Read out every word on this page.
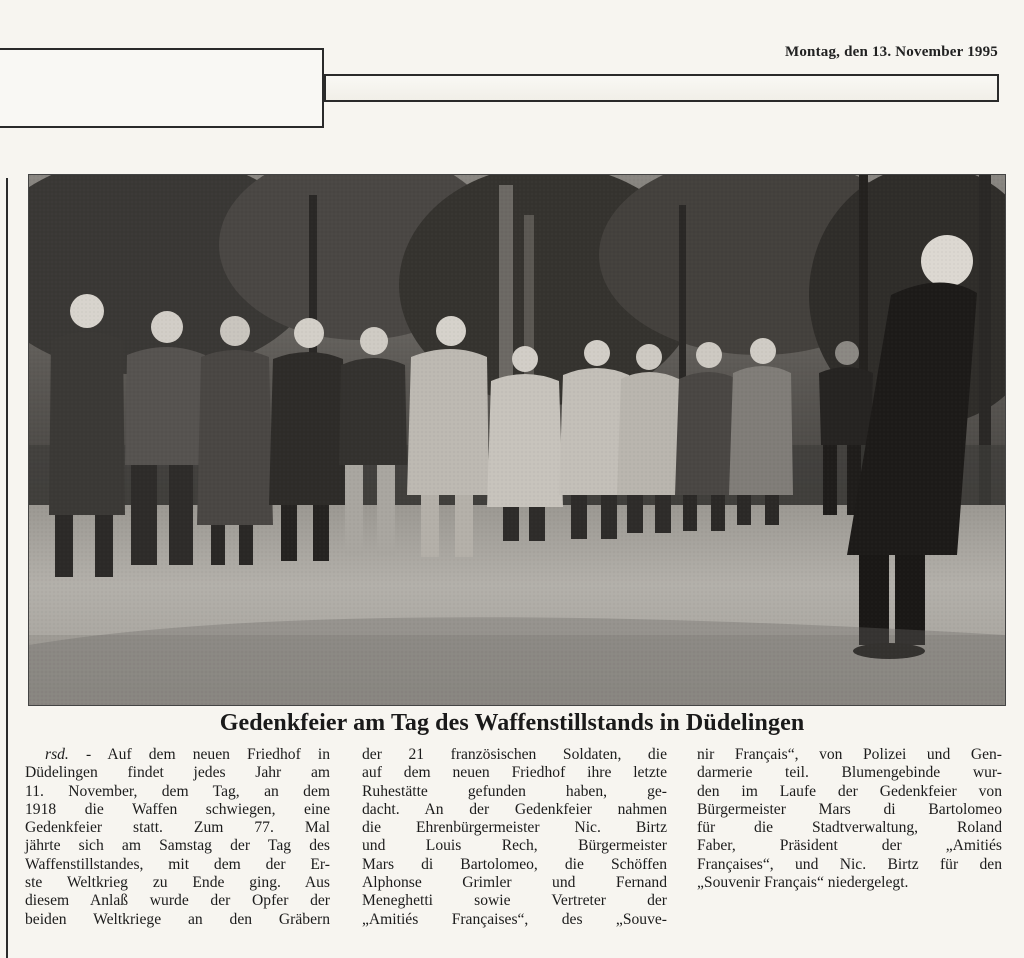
Montag, den 13. November 1995
Gedenkfeier am Tag des Waffenstillstands in Düdelingen
rsd. - Auf dem neuen Friedhof in
Düdelingen findet jedes Jahr am
11. November, dem Tag, an dem
1918 die Waffen schwiegen, eine
Gedenkfeier statt. Zum 77. Mal
jährte sich am Samstag der Tag des
Waffenstillstandes, mit dem der Er-
ste Weltkrieg zu Ende ging. Aus
diesem Anlaß wurde der Opfer der
beiden Weltkriege an den Gräbern
der 21 französischen Soldaten, die
auf dem neuen Friedhof ihre letzte
Ruhestätte gefunden haben, ge-
dacht. An der Gedenkfeier nahmen
die Ehrenbürgermeister Nic. Birtz
und Louis Rech, Bürgermeister
Mars di Bartolomeo, die Schöffen
Alphonse Grimler und Fernand
Meneghetti sowie Vertreter der
„Amitiés Françaises“, des „Souve-
nir Français“, von Polizei und Gen-
darmerie teil. Blumengebinde wur-
den im Laufe der Gedenkfeier von
Bürgermeister Mars di Bartolomeo
für die Stadtverwaltung, Roland
Faber, Präsident der „Amitiés
Françaises“, und Nic. Birtz für den
„Souvenir Français“ niedergelegt.
